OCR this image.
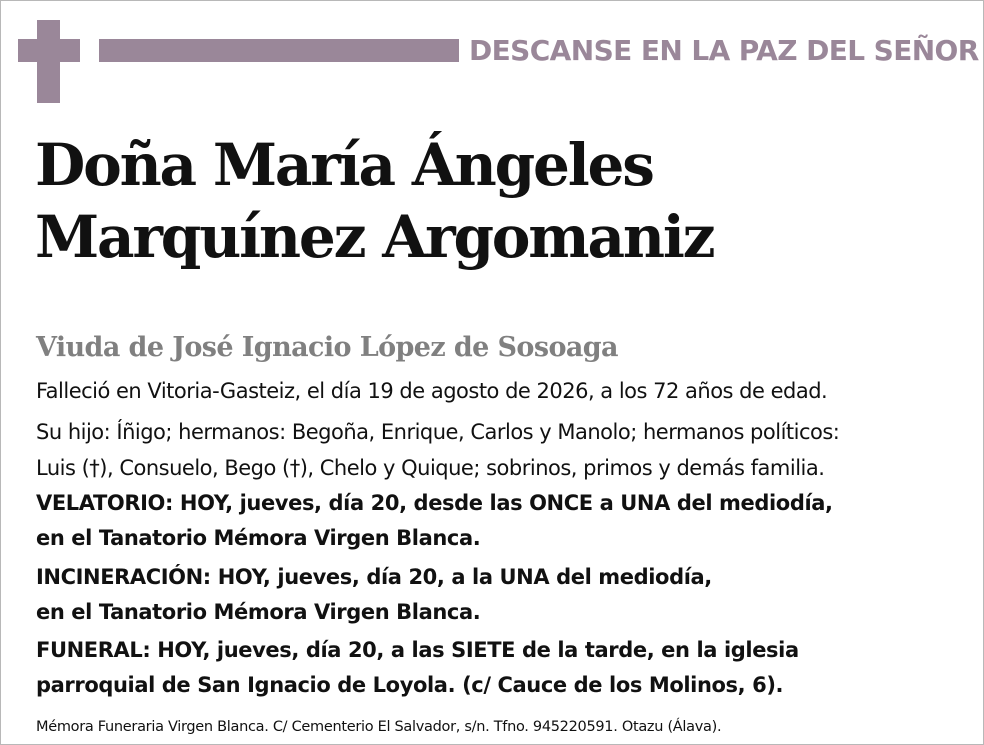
DESCANSE EN LA PAZ DEL SEÑOR
Doña María Ángeles
Marquínez Argomaniz
Viuda de José Ignacio López de Sosoaga
Falleció en Vitoria-Gasteiz, el día 19 de agosto de 2026, a los 72 años de edad.
Su hijo: Íñigo; hermanos: Begoña, Enrique, Carlos y Manolo; hermanos políticos:
Luis (†), Consuelo, Bego (†), Chelo y Quique; sobrinos, primos y demás familia.
VELATORIO: HOY, jueves, día 20, desde las ONCE a UNA del mediodía,
en el Tanatorio Mémora Virgen Blanca.
INCINERACIÓN: HOY, jueves, día 20, a la UNA del mediodía,
en el Tanatorio Mémora Virgen Blanca.
FUNERAL: HOY, jueves, día 20, a las SIETE de la tarde, en la iglesia
parroquial de San Ignacio de Loyola. (c/ Cauce de los Molinos, 6).
Mémora Funeraria Virgen Blanca. C/ Cementerio El Salvador, s/n. Tfno. 945220591. Otazu (Álava).
